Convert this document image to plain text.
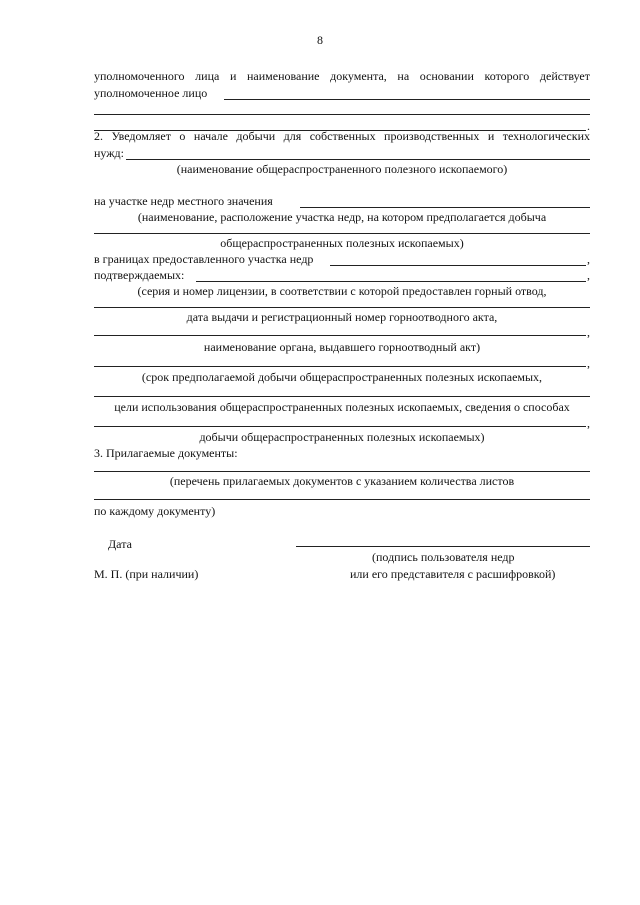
8
уполномоченного лица и наименование документа, на основании которого действует
уполномоченное лицо
.
2. Уведомляет о начале добычи для собственных производственных и технологических
нужд:
(наименование общераспространенного полезного ископаемого)
на участке недр местного значения
(наименование, расположение участка недр, на котором предполагается добыча
общераспространенных полезных ископаемых)
в границах предоставленного участка недр	,
подтверждаемых:	,
(серия и номер лицензии, в соответствии с которой предоставлен горный отвод,
дата выдачи и регистрационный номер горноотводного акта,
,
наименование органа, выдавшего горноотводный акт)
,
(срок предполагаемой добычи общераспространенных полезных ископаемых,
цели использования общераспространенных полезных ископаемых, сведения о способах
,
добычи общераспространенных полезных ископаемых)
3. Прилагаемые документы:
(перечень прилагаемых документов с указанием количества листов
по каждому документу)
Дата
(подпись пользователя недр
М. П. (при наличии)	или его представителя с расшифровкой)
